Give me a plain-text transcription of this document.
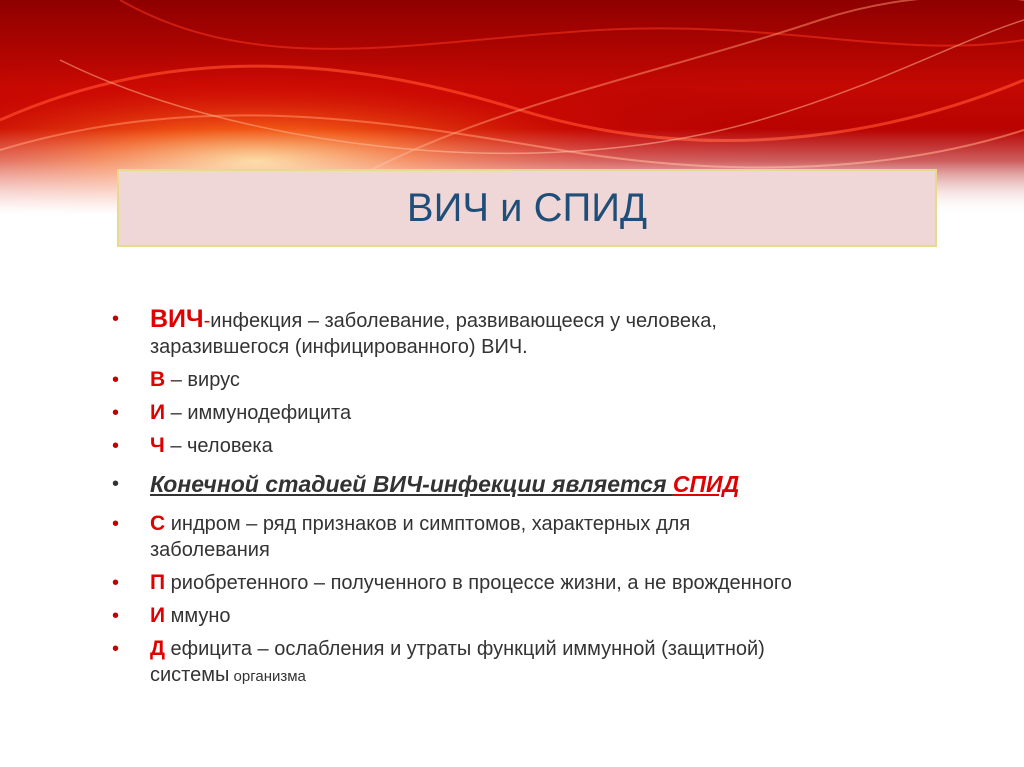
ВИЧ и СПИД
• ВИЧ-инфекция – заболевание, развивающееся у человека,
заразившегося (инфицированного) ВИЧ.
• В – вирус
• И – иммунодефицита
• Ч – человека
• Конечной стадией ВИЧ-инфекции является СПИД
• С индром – ряд признаков и симптомов, характерных для
заболевания
• П риобретенного – полученного в процессе жизни, а не врожденного
• И ммуно
• Д ефицита – ослабления и утраты функций иммунной (защитной)
системы организма
